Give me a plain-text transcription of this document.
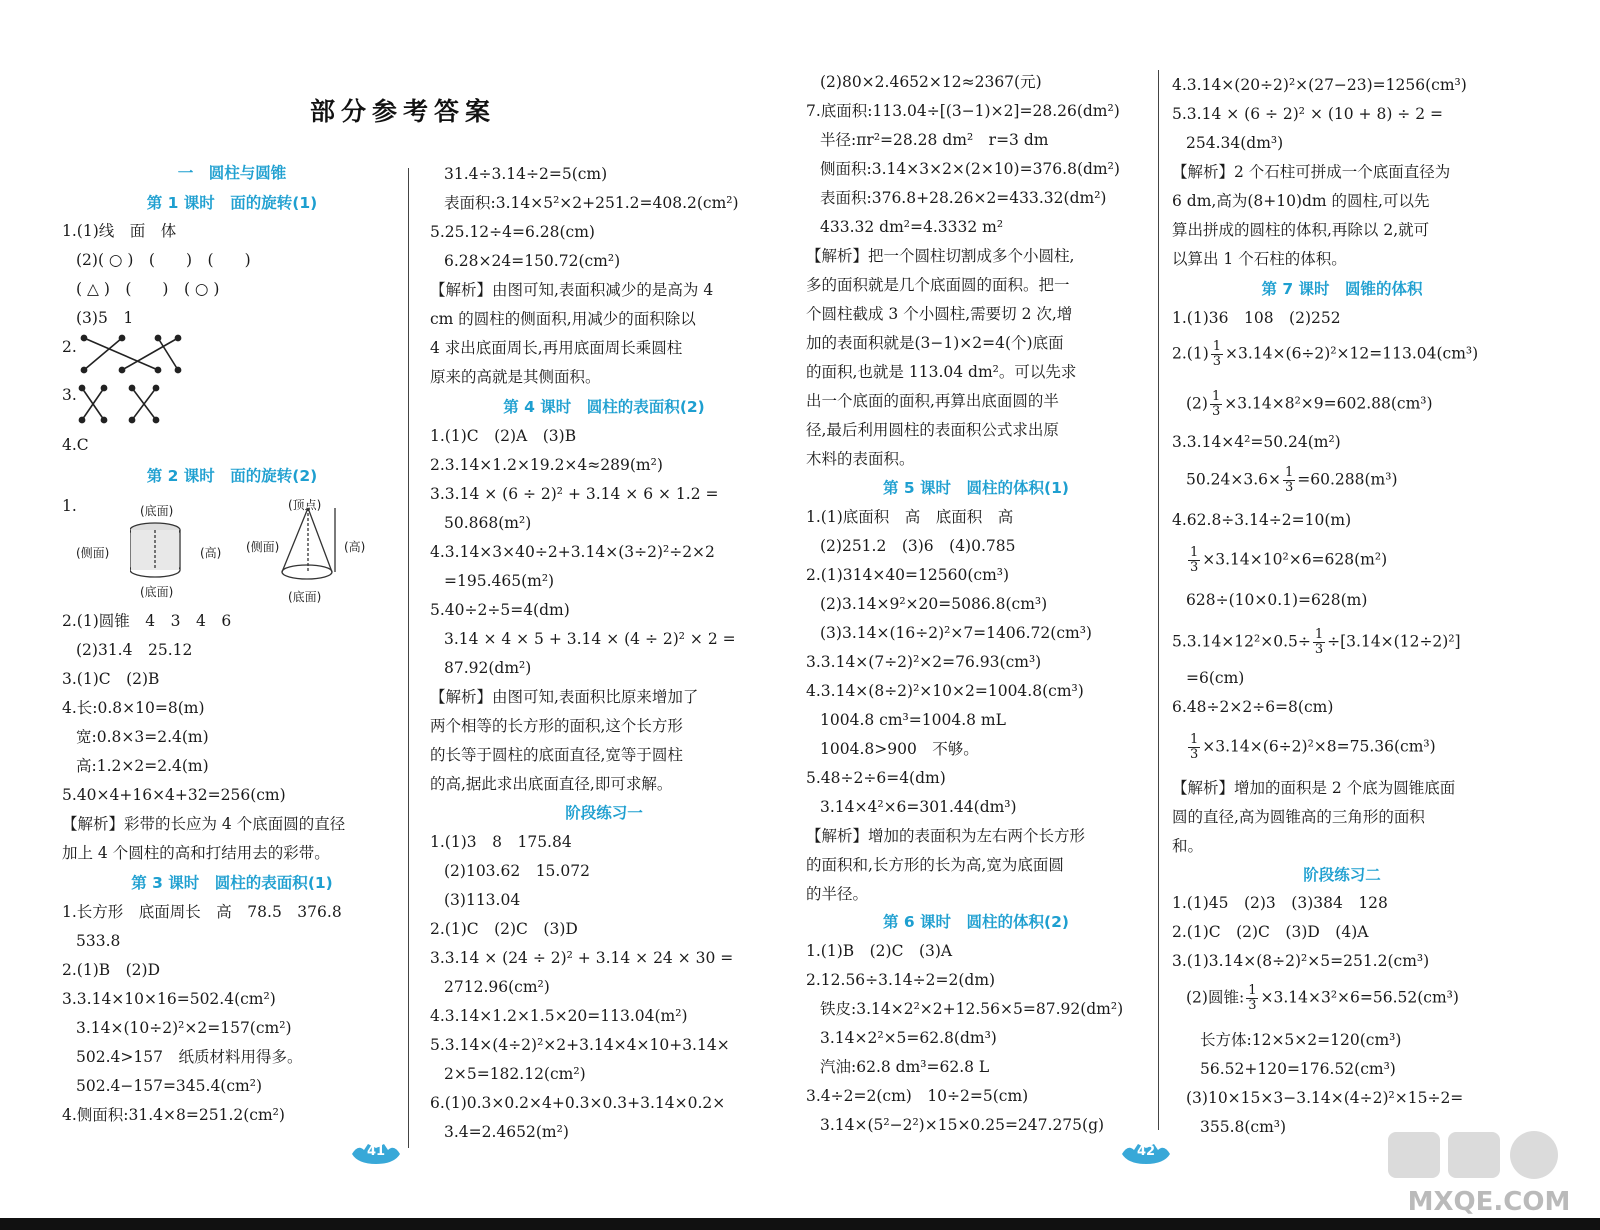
部分参考答案
一　圆柱与圆锥
第 1 课时　面的旋转(1)
1.(1)线　面　体
(2)( ○ )　(　　)　(　　)
( △ )　(　　)　( ○ )
(3)5　1
2.
3.
4.C
第 2 课时　面的旋转(2)
1.	(底面)
(侧面)	(高)
(底面)
(顶点)
(侧面)	(高)
(底面)
2.(1)圆锥　4　3　4　6
(2)31.4　25.12
3.(1)C　(2)B
4.长:0.8×10=8(m)
宽:0.8×3=2.4(m)
高:1.2×2=2.4(m)
5.40×4+16×4+32=256(cm)
【解析】彩带的长应为 4 个底面圆的直径
加上 4 个圆柱的高和打结用去的彩带。
第 3 课时　圆柱的表面积(1)
1.长方形　底面周长　高　78.5　376.8
533.8
2.(1)B　(2)D
3.3.14×10×16=502.4(cm²)
3.14×(10÷2)²×2=157(cm²)
502.4>157　纸质材料用得多。
502.4−157=345.4(cm²)
4.侧面积:31.4×8=251.2(cm²)
31.4÷3.14÷2=5(cm)
表面积:3.14×5²×2+251.2=408.2(cm²)
5.25.12÷4=6.28(cm)
6.28×24=150.72(cm²)
【解析】由图可知,表面积减少的是高为 4
cm 的圆柱的侧面积,用减少的面积除以
4 求出底面周长,再用底面周长乘圆柱
原来的高就是其侧面积。
第 4 课时　圆柱的表面积(2)
1.(1)C　(2)A　(3)B
2.3.14×1.2×19.2×4≈289(m²)
3.3.14 × (6 ÷ 2)² + 3.14 × 6 × 1.2 =
50.868(m²)
4.3.14×3×40÷2+3.14×(3÷2)²÷2×2
=195.465(m²)
5.40÷2÷5=4(dm)
3.14 × 4 × 5 + 3.14 × (4 ÷ 2)² × 2 =
87.92(dm²)
【解析】由图可知,表面积比原来增加了
两个相等的长方形的面积,这个长方形
的长等于圆柱的底面直径,宽等于圆柱
的高,据此求出底面直径,即可求解。
阶段练习一
1.(1)3　8　175.84
(2)103.62　15.072
(3)113.04
2.(1)C　(2)C　(3)D
3.3.14 × (24 ÷ 2)² + 3.14 × 24 × 30 =
2712.96(cm²)
4.3.14×1.2×1.5×20=113.04(m²)
5.3.14×(4÷2)²×2+3.14×4×10+3.14×
2×5=182.12(cm²)
6.(1)0.3×0.2×4+0.3×0.3+3.14×0.2×
3.4=2.4652(m²)
(2)80×2.4652×12≈2367(元)
7.底面积:113.04÷[(3−1)×2]=28.26(dm²)
半径:πr²=28.28 dm²　r=3 dm
侧面积:3.14×3×2×(2×10)=376.8(dm²)
表面积:376.8+28.26×2=433.32(dm²)
433.32 dm²=4.3332 m²
【解析】把一个圆柱切割成多个小圆柱,
多的面积就是几个底面圆的面积。把一
个圆柱截成 3 个小圆柱,需要切 2 次,增
加的表面积就是(3−1)×2=4(个)底面
的面积,也就是 113.04 dm²。可以先求
出一个底面的面积,再算出底面圆的半
径,最后利用圆柱的表面积公式求出原
木料的表面积。
第 5 课时　圆柱的体积(1)
1.(1)底面积　高　底面积　高
(2)251.2　(3)6　(4)0.785
2.(1)314×40=12560(cm³)
(2)3.14×9²×20=5086.8(cm³)
(3)3.14×(16÷2)²×7=1406.72(cm³)
3.3.14×(7÷2)²×2=76.93(cm³)
4.3.14×(8÷2)²×10×2=1004.8(cm³)
1004.8 cm³=1004.8 mL
1004.8>900　不够。
5.48÷2÷6=4(dm)
3.14×4²×6=301.44(dm³)
【解析】增加的表面积为左右两个长方形
的面积和,长方形的长为高,宽为底面圆
的半径。
第 6 课时　圆柱的体积(2)
1.(1)B　(2)C　(3)A
2.12.56÷3.14÷2=2(dm)
铁皮:3.14×2²×2+12.56×5=87.92(dm²)
3.14×2²×5=62.8(dm³)
汽油:62.8 dm³=62.8 L
3.4÷2=2(cm)　10÷2=5(cm)
3.14×(5²−2²)×15×0.25=247.275(g)
4.3.14×(20÷2)²×(27−23)=1256(cm³)
5.3.14 × (6 ÷ 2)² × (10 + 8) ÷ 2 =
254.34(dm³)
【解析】2 个石柱可拼成一个底面直径为
6 dm,高为(8+10)dm 的圆柱,可以先
算出拼成的圆柱的体积,再除以 2,就可
以算出 1 个石柱的体积。
第 7 课时　圆锥的体积
1.(1)36　108　(2)252
$2.(1) \frac{1}{3} \times 3.14\times(6\div 2)^2\times 12=113.04(cm^3)$
$(2) \frac{1}{3} \times 3.14\times 8^2\times 9=602.88(cm^3)$
3.3.14×4²=50.24(m²)
$50.24\times 3.6\times \frac{1}{3} =60.288(m^3)$
4.62.8÷3.14÷2=10(m)
$\frac{1}{3} \times 3.14\times 10^2\times 6=628(m^2)$
628÷(10×0.1)=628(m)
$5.3.14\times 12^2\times 0.5\div \frac{1}{3} \div[3.14\times(12\div 2)^2]$
=6(cm)
6.48÷2×2÷6=8(cm)
$\frac{1}{3} \times 3.14\times(6\div 2)^2\times 8=75.36(cm^3)$
【解析】增加的面积是 2 个底为圆锥底面
圆的直径,高为圆锥高的三角形的面积
和。
阶段练习二
1.(1)45　(2)3　(3)384　128
2.(1)C　(2)C　(3)D　(4)A
3.(1)3.14×(8÷2)²×5=251.2(cm³)
(2)圆锥: $\frac{1}{3} \times 3.14\times 3^2\times 6=56.52(cm^3)$
长方体:12×5×2=120(cm³)
56.52+120=176.52(cm³)
(3)10×15×3−3.14×(4÷2)²×15÷2=
355.8(cm³)
41	42
MXQE.COM
